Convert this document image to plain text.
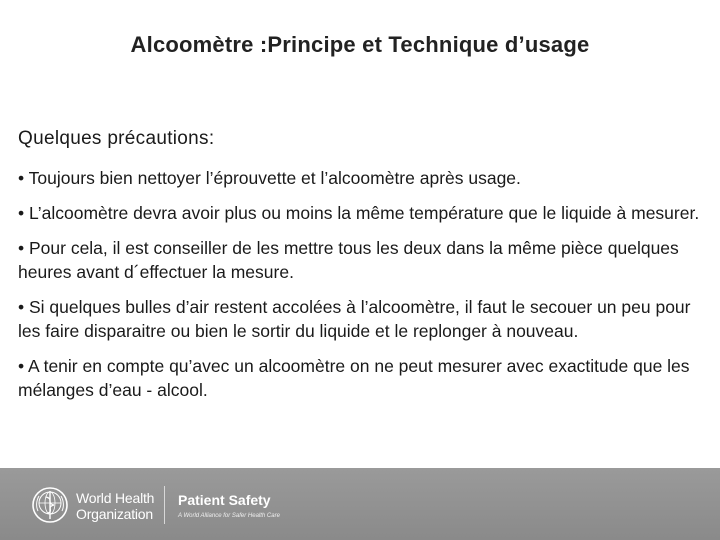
Alcoomètre :Principe et Technique d’usage
Quelques précautions:
• Toujours bien nettoyer l’éprouvette et l’alcoomètre après usage.
• L’alcoomètre devra avoir plus ou moins la même température que le liquide à mesurer.
• Pour cela, il est conseiller de les mettre tous les deux dans la même pièce quelques heures avant d´effectuer la mesure.
• Si quelques bulles d’air restent accolées à l’alcoomètre, il faut le secouer un peu pour les faire disparaitre ou bien le sortir du liquide et le replonger à nouveau.
• A tenir en compte qu’avec un alcoomètre on ne peut mesurer avec exactitude que les mélanges d’eau - alcool.
World Health
Organization
Patient Safety
A World Alliance for Safer Health Care
